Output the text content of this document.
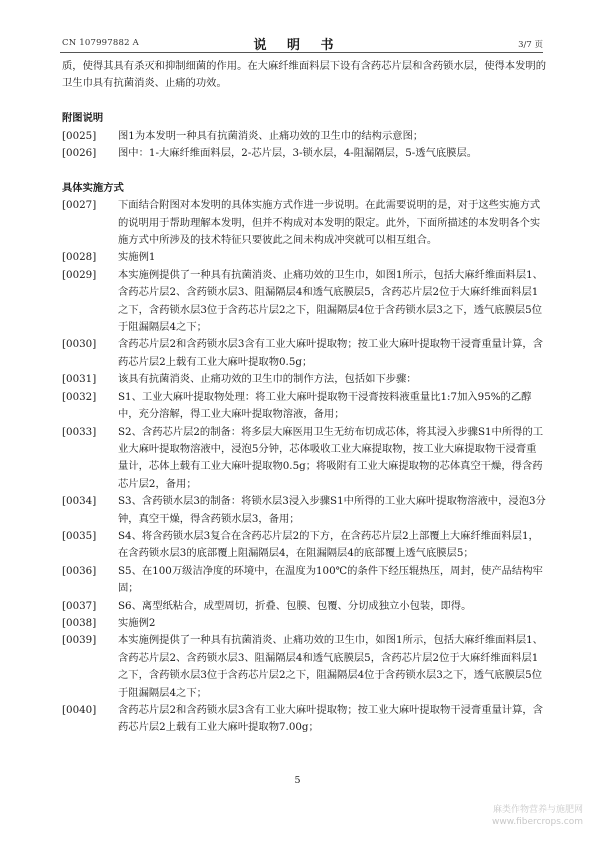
CN 107997882 A	说 明 书	3/7 页

质，使得其具有杀灭和抑制细菌的作用。在大麻纤维面料层下设有含药芯片层和含药锁水层，使得本发明的卫生巾具有抗菌消炎、止痛的功效。

附图说明

[0025] 图1为本发明一种具有抗菌消炎、止痛功效的卫生巾的结构示意图；
[0026] 图中：1-大麻纤维面料层，2-芯片层，3-锁水层，4-阻漏隔层，5-透气底膜层。

具体实施方式

[0027] 下面结合附图对本发明的具体实施方式作进一步说明。在此需要说明的是，对于这些实施方式的说明用于帮助理解本发明，但并不构成对本发明的限定。此外，下面所描述的本发明各个实施方式中所涉及的技术特征只要彼此之间未构成冲突就可以相互组合。
[0028] 实施例1
[0029] 本实施例提供了一种具有抗菌消炎、止痛功效的卫生巾，如图1所示，包括大麻纤维面料层1、含药芯片层2、含药锁水层3、阻漏隔层4和透气底膜层5，含药芯片层2位于大麻纤维面料层1之下，含药锁水层3位于含药芯片层2之下，阻漏隔层4位于含药锁水层3之下，透气底膜层5位于阻漏隔层4之下；
[0030] 含药芯片层2和含药锁水层3含有工业大麻叶提取物；按工业大麻叶提取物干浸膏重量计算，含药芯片层2上载有工业大麻叶提取物0.5g；
[0031] 该具有抗菌消炎、止痛功效的卫生巾的制作方法，包括如下步骤：
[0032] S1、工业大麻叶提取物处理：将工业大麻叶提取物干浸膏按料液重量比1:7加入95%的乙醇中，充分溶解，得工业大麻叶提取物溶液，备用；
[0033] S2、含药芯片层2的制备：将多层大麻医用卫生无纺布切成芯体，将其浸入步骤S1中所得的工业大麻叶提取物溶液中，浸泡5分钟，芯体吸收工业大麻提取物，按工业大麻提取物干浸膏重量计，芯体上载有工业大麻叶提取物0.5g；将吸附有工业大麻提取物的芯体真空干燥，得含药芯片层2，备用；
[0034] S3、含药锁水层3的制备：将锁水层3浸入步骤S1中所得的工业大麻叶提取物溶液中，浸泡3分钟，真空干燥，得含药锁水层3，备用；
[0035] S4、将含药锁水层3复合在含药芯片层2的下方，在含药芯片层2上部覆上大麻纤维面料层1，在含药锁水层3的底部覆上阻漏隔层4，在阻漏隔层4的底部覆上透气底膜层5；
[0036] S5、在100万级洁净度的环境中，在温度为100℃的条件下经压辊热压，周封，使产品结构牢固；
[0037] S6、离型纸粘合，成型周切，折叠、包膜、包覆、分切成独立小包装，即得。
[0038] 实施例2
[0039] 本实施例提供了一种具有抗菌消炎、止痛功效的卫生巾，如图1所示，包括大麻纤维面料层1、含药芯片层2、含药锁水层3、阻漏隔层4和透气底膜层5，含药芯片层2位于大麻纤维面料层1之下，含药锁水层3位于含药芯片层2之下，阻漏隔层4位于含药锁水层3之下，透气底膜层5位于阻漏隔层4之下；
[0040] 含药芯片层2和含药锁水层3含有工业大麻叶提取物；按工业大麻叶提取物干浸膏重量计算，含药芯片层2上载有工业大麻叶提取物7.00g；
5
麻类作物营养与施肥网
www.fibercrops.com
